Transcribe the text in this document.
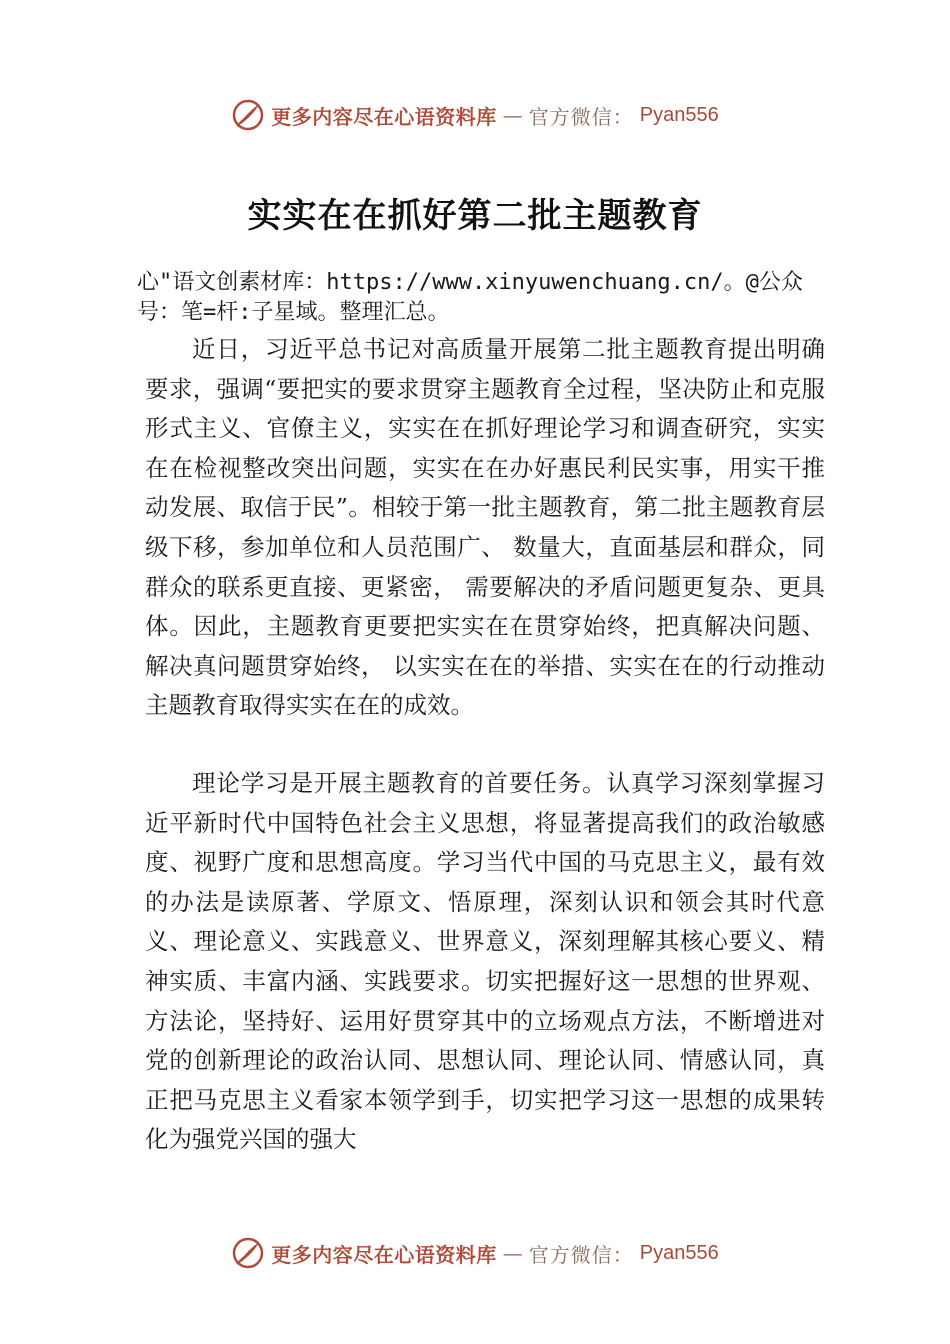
更多内容尽在心语资料库 — 官方微信： Pyan556
实实在在抓好第二批主题教育
心"语文创素材库：https://www.xinyuwenchuang.cn/。@公众号：笔=杆:子星域。整理汇总。

近日，习近平总书记对高质量开展第二批主题教育提出明确要求，强调“要把实的要求贯穿主题教育全过程，坚决防止和克服形式主义、官僚主义，实实在在抓好理论学习和调查研究，实实在在检视整改突出问题，实实在在办好惠民利民实事，用实干推动发展、取信于民”。相较于第一批主题教育，第二批主题教育层级下移，参加单位和人员范围广、 数量大，直面基层和群众，同群众的联系更直接、更紧密， 需要解决的矛盾问题更复杂、更具体。因此，主题教育更要把实实在在贯穿始终，把真解决问题、解决真问题贯穿始终， 以实实在在的举措、实实在在的行动推动主题教育取得实实在在的成效。

理论学习是开展主题教育的首要任务。认真学习深刻掌握习近平新时代中国特色社会主义思想，将显著提高我们的政治敏感度、视野广度和思想高度。学习当代中国的马克思主义，最有效的办法是读原著、学原文、悟原理，深刻认识和领会其时代意义、理论意义、实践意义、世界意义，深刻理解其核心要义、精神实质、丰富内涵、实践要求。切实把握好这一思想的世界观、方法论，坚持好、运用好贯穿其中的立场观点方法，不断增进对党的创新理论的政治认同、思想认同、理论认同、情感认同，真正把马克思主义看家本领学到手，切实把学习这一思想的成果转化为强党兴国的强大

更多内容尽在心语资料库 — 官方微信： Pyan556
